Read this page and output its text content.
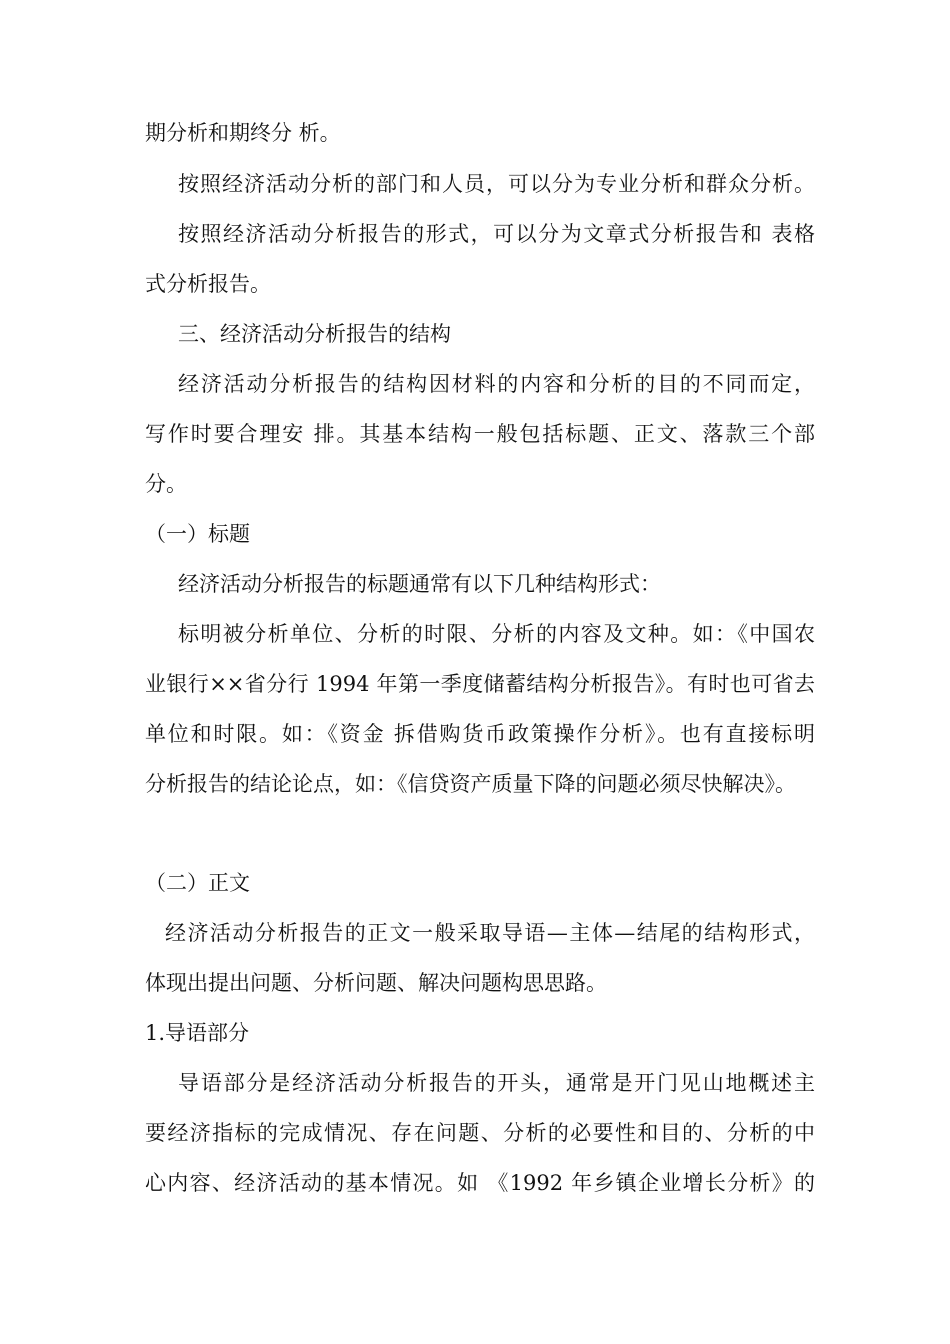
期分析和期终分 析。
按照经济活动分析的部门和人员，可以分为专业分析和群众分析。
按照经济活动分析报告的形式，可以分为文章式分析报告和 表格
式分析报告。
三、经济活动分析报告的结构
经济活动分析报告的结构因材料的内容和分析的目的不同而定，
写作时要合理安 排。其基本结构一般包括标题、正文、落款三个部
分。
（一）标题
经济活动分析报告的标题通常有以下几种结构形式：
标明被分析单位、分析的时限、分析的内容及文种。如：《中国农
业银行××省分行 1994 年第一季度储蓄结构分析报告》。有时也可省去
单位和时限。如：《资金 拆借购货币政策操作分析》。也有直接标明
分析报告的结论论点，如：《信贷资产质量下降的问题必须尽快解决》。
（二）正文
经济活动分析报告的正文一般采取导语—主体—结尾的结构形式，
体现出提出问题、分析问题、解决问题构思思路。
1.导语部分
导语部分是经济活动分析报告的开头，通常是开门见山地概述主
要经济指标的完成情况、存在问题、分析的必要性和目的、分析的中
心内容、经济活动的基本情况。如 《1992 年乡镇企业增长分析》的
